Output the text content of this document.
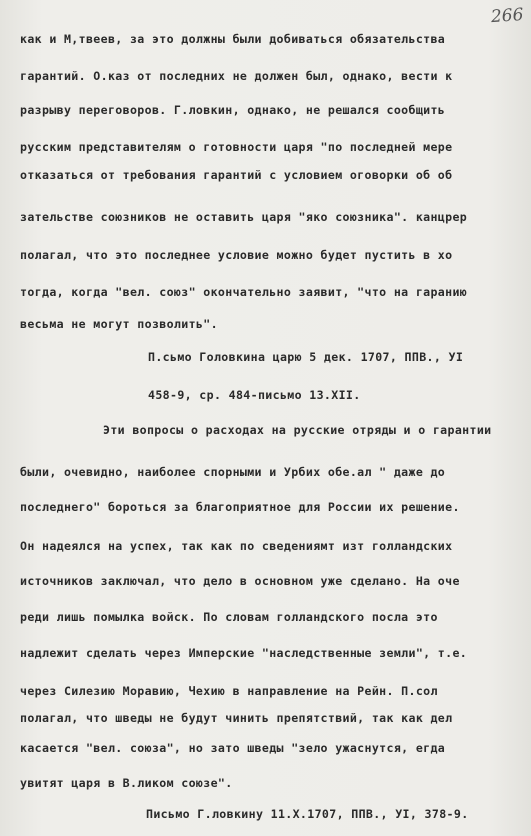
266
как и М,твеев, за это должны были добиваться обязательства
гарантий. О.каз от последних не должен был, однако, вести к
разрыву переговоров. Г.ловкин, однако, не решался сообщить
русским представителям о готовности царя "по последней мере
отказаться от требования гарантий с условием оговорки об об
зательстве союзников не оставить царя "яко союзника". канцрер
полагал, что это последнее условие можно будет пустить в хо
тогда, когда "вел. союз" окончательно заявит, "что на гаранию
весьма не могут позволить".
П.сьмо Головкина царю 5 дек. 1707, ППВ., УI
458-9, ср. 484-письмо 13.XII.
Эти вопросы о расходах на русские отряды и о гарантии
были, очевидно, наиболее спорными и Урбих обе.ал " даже до
последнего" бороться за благоприятное для России их решение.
Он надеялся на успех, так как по сведениямт изт голландских
источников заключал, что дело в основном уже сделано. На оче
реди лишь помылка войск. По словам голландского посла это
надлежит сделать через Имперские "наследственные земли", т.е.
через Силезию Моравию, Чехию в направление на Рейн. П.сол
полагал, что шведы не будут чинить препятствий, так как дел
касается "вел. союза", но зато шведы "зело ужаснутся, егда
увитят царя в В.ликом союзе".
Письмо Г.ловкину 11.Х.1707, ППВ., УI, 378-9.
